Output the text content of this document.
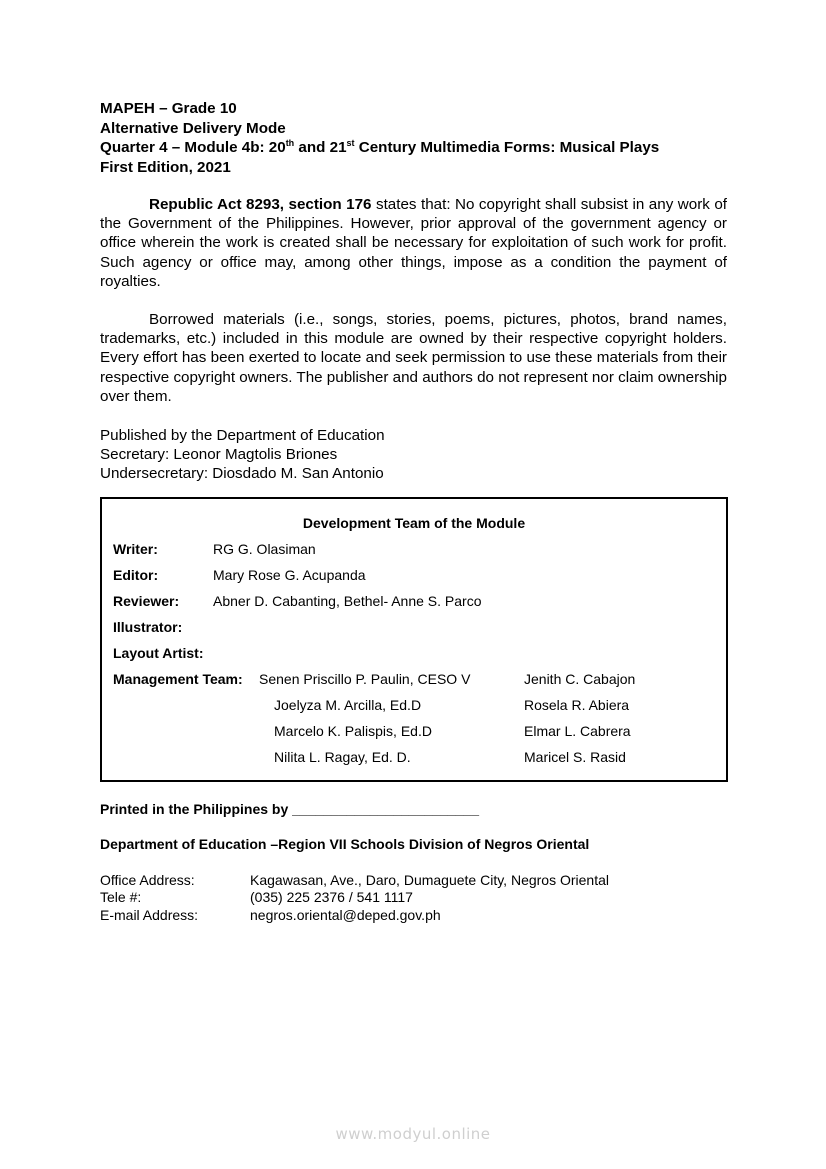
MAPEH – Grade 10
Alternative Delivery Mode
Quarter 4 – Module 4b: 20th and 21st Century Multimedia Forms: Musical Plays
First Edition, 2021

Republic Act 8293, section 176 states that: No copyright shall subsist in any work of the Government of the Philippines. However, prior approval of the government agency or office wherein the work is created shall be necessary for exploitation of such work for profit. Such agency or office may, among other things, impose as a condition the payment of royalties.

Borrowed materials (i.e., songs, stories, poems, pictures, photos, brand names, trademarks, etc.) included in this module are owned by their respective copyright holders. Every effort has been exerted to locate and seek permission to use these materials from their respective copyright owners. The publisher and authors do not represent nor claim ownership over them.

Published by the Department of Education
Secretary: Leonor Magtolis Briones
Undersecretary: Diosdado M. San Antonio
Development Team of the Module
Writer:	RG G. Olasiman
Editor:	Mary Rose G. Acupanda
Reviewer: Abner D. Cabanting, Bethel- Anne S. Parco
Illustrator:
Layout Artist:
Management Team: Senen Priscillo P. Paulin, CESO V	Jenith C. Cabajon
Joelyza M. Arcilla, Ed.D	Rosela R. Abiera
Marcelo K. Palispis, Ed.D	Elmar L. Cabrera
Nilita L. Ragay, Ed. D.	Maricel S. Rasid
Printed in the Philippines by ________________________
Department of Education –Region VII Schools Division of Negros Oriental
Office Address:	Kagawasan, Ave., Daro, Dumaguete City, Negros Oriental
Tele #:	(035) 225 2376 / 541 1117
E-mail Address:	negros.oriental@deped.gov.ph
www.modyul.online
